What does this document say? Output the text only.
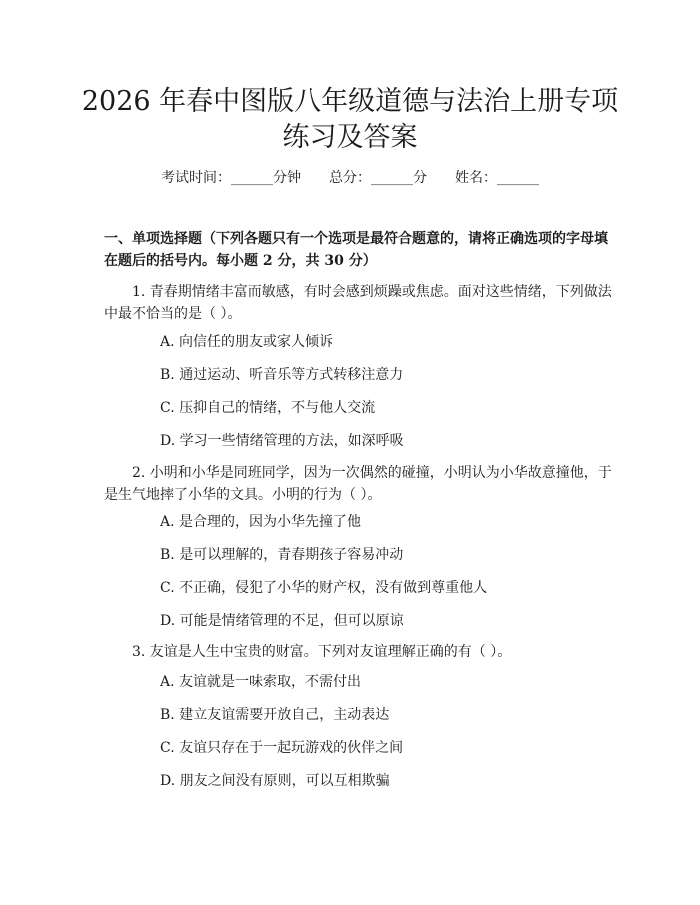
2026 年春中图版八年级道德与法治上册专项
练习及答案
考试时间：______分钟 总分：______分 姓名：______

一、单项选择题（下列各题只有一个选项是最符合题意的，请将正确选项的字母填在题后的括号内。每小题 2 分，共 30 分）

1. 青春期情绪丰富而敏感，有时会感到烦躁或焦虑。面对这些情绪，下列做法中最不恰当的是（ ）。

A. 向信任的朋友或家人倾诉

B. 通过运动、听音乐等方式转移注意力

C. 压抑自己的情绪，不与他人交流

D. 学习一些情绪管理的方法，如深呼吸

2. 小明和小华是同班同学，因为一次偶然的碰撞，小明认为小华故意撞他，于是生气地摔了小华的文具。小明的行为（ ）。

A. 是合理的，因为小华先撞了他

B. 是可以理解的，青春期孩子容易冲动

C. 不正确，侵犯了小华的财产权，没有做到尊重他人

D. 可能是情绪管理的不足，但可以原谅

3. 友谊是人生中宝贵的财富。下列对友谊理解正确的有（ ）。

A. 友谊就是一味索取，不需付出

B. 建立友谊需要开放自己，主动表达

C. 友谊只存在于一起玩游戏的伙伴之间

D. 朋友之间没有原则，可以互相欺骗
